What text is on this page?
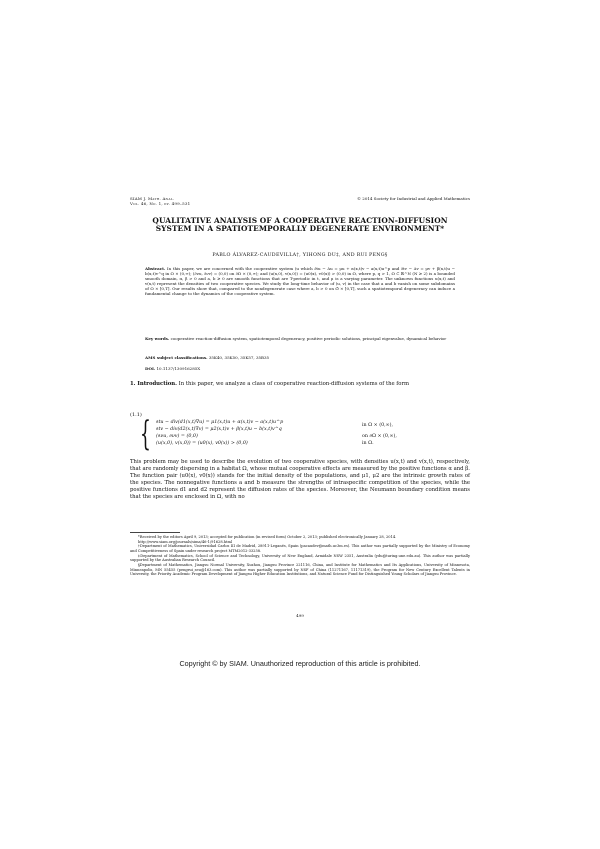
SIAM J. Math. Anal.
Vol. 46, No. 1, pp. 499–531
© 2014 Society for Industrial and Applied Mathematics
QUALITATIVE ANALYSIS OF A COOPERATIVE REACTION-DIFFUSION SYSTEM IN A SPATIOTEMPORALLY DEGENERATE ENVIRONMENT*
PABLO ÁLVAREZ-CAUDEVILLA†, YIHONG DU‡, AND RUI PENG§
Abstract. In this paper, we are concerned with the cooperative system (u which ∂tu − Δu = μu + α(x,t)v − a(x,t)u^p and ∂tv − Δv = μv + β(x,t)u − b(x,t)v^q in Ω × (0,∞); (∂νu, ∂νv) = (0,0) on ∂Ω × (0,∞); and (u(x,0), v(x,0)) = (u0(x), v0(x)) > (0,0) in Ω, where p, q > 1, Ω ⊂ ℝ^N (N ≥ 2) is a bounded smooth domain, α, β > 0 and a, b ≥ 0 are smooth functions that are T-periodic in t, and μ is a varying parameter. The unknown functions u(x,t) and v(x,t) represent the densities of two cooperative species. We study the long-time behavior of (u, v) in the case that a and b vanish on some subdomains of Ω × [0,T]. Our results show that, compared to the nondegenerate case where a, b > 0 on Ω̄ × [0,T], such a spatiotemporal degeneracy can induce a fundamental change to the dynamics of the cooperative system.
Key words. cooperative reaction-diffusion system, spatiotemporal degeneracy, positive periodic solutions, principal eigenvalue, dynamical behavior
AMS subject classifications. 35K40, 35K50, 35K57, 35B35
DOI. 10.1137/130916285X
1. Introduction. In this paper, we analyze a class of cooperative reaction-diffusion systems of the form
(1.1)
{ ∂tu − div(d1(x,t)∇u) = μ1(x,t)u + α(x,t)v − a(x,t)u^p
∂tv − div(d2(x,t)∇v) = μ2(x,t)v + β(x,t)u − b(x,t)v^q
(∂νu, ∂νv) = (0,0)
(u(x,0), v(x,0)) = (u0(x), v0(x)) > (0,0)
in Ω × (0,∞),
on ∂Ω × (0,∞),
in Ω.
This problem may be used to describe the evolution of two cooperative species, with densities u(x,t) and v(x,t), respectively, that are randomly dispersing in a habitat Ω, whose mutual cooperative effects are measured by the positive functions α and β. The function pair (u0(x), v0(x)) stands for the initial density of the populations, and μ1, μ2 are the intrinsic growth rates of the species. The nonnegative functions a and b measure the strengths of intraspecific competition of the species, while the positive functions d1 and d2 represent the diffusion rates of the species. Moreover, the Neumann boundary condition means that the species are enclosed in Ω, with no

*Received by the editors April 9, 2013; accepted for publication (in revised form) October 2, 2013; published electronically January 28, 2014.

http://www.siam.org/journals/sima/46-1/91628.html

†Department of Mathematics, Universidad Carlos III de Madrid, 28911-Leganés, Spain (pacaudev@math.uc3m.es). This author was partially supported by the Ministry of Economy and Competitiveness of Spain under research project MTM2012-33258.

‡Department of Mathematics, School of Science and Technology, University of New England, Armidale NSW 2351, Australia (ydu@turing.une.edu.au). This author was partially supported by the Australian Research Council.

§Department of Mathematics, Jiangsu Normal University, Xuzhou, Jiangsu Province 221116, China, and Institute for Mathematics and Its Applications, University of Minnesota, Minneapolis, MN 55455 (pengrui_seu@163.com). This author was partially supported by NSF of China (11271167, 11171319), the Program for New Century Excellent Talents in University, the Priority Academic Program Development of Jiangsu Higher Education Institutions, and Natural Science Fund for Distinguished Young Scholars of Jiangsu Province.

499
Copyright © by SIAM. Unauthorized reproduction of this article is prohibited.
